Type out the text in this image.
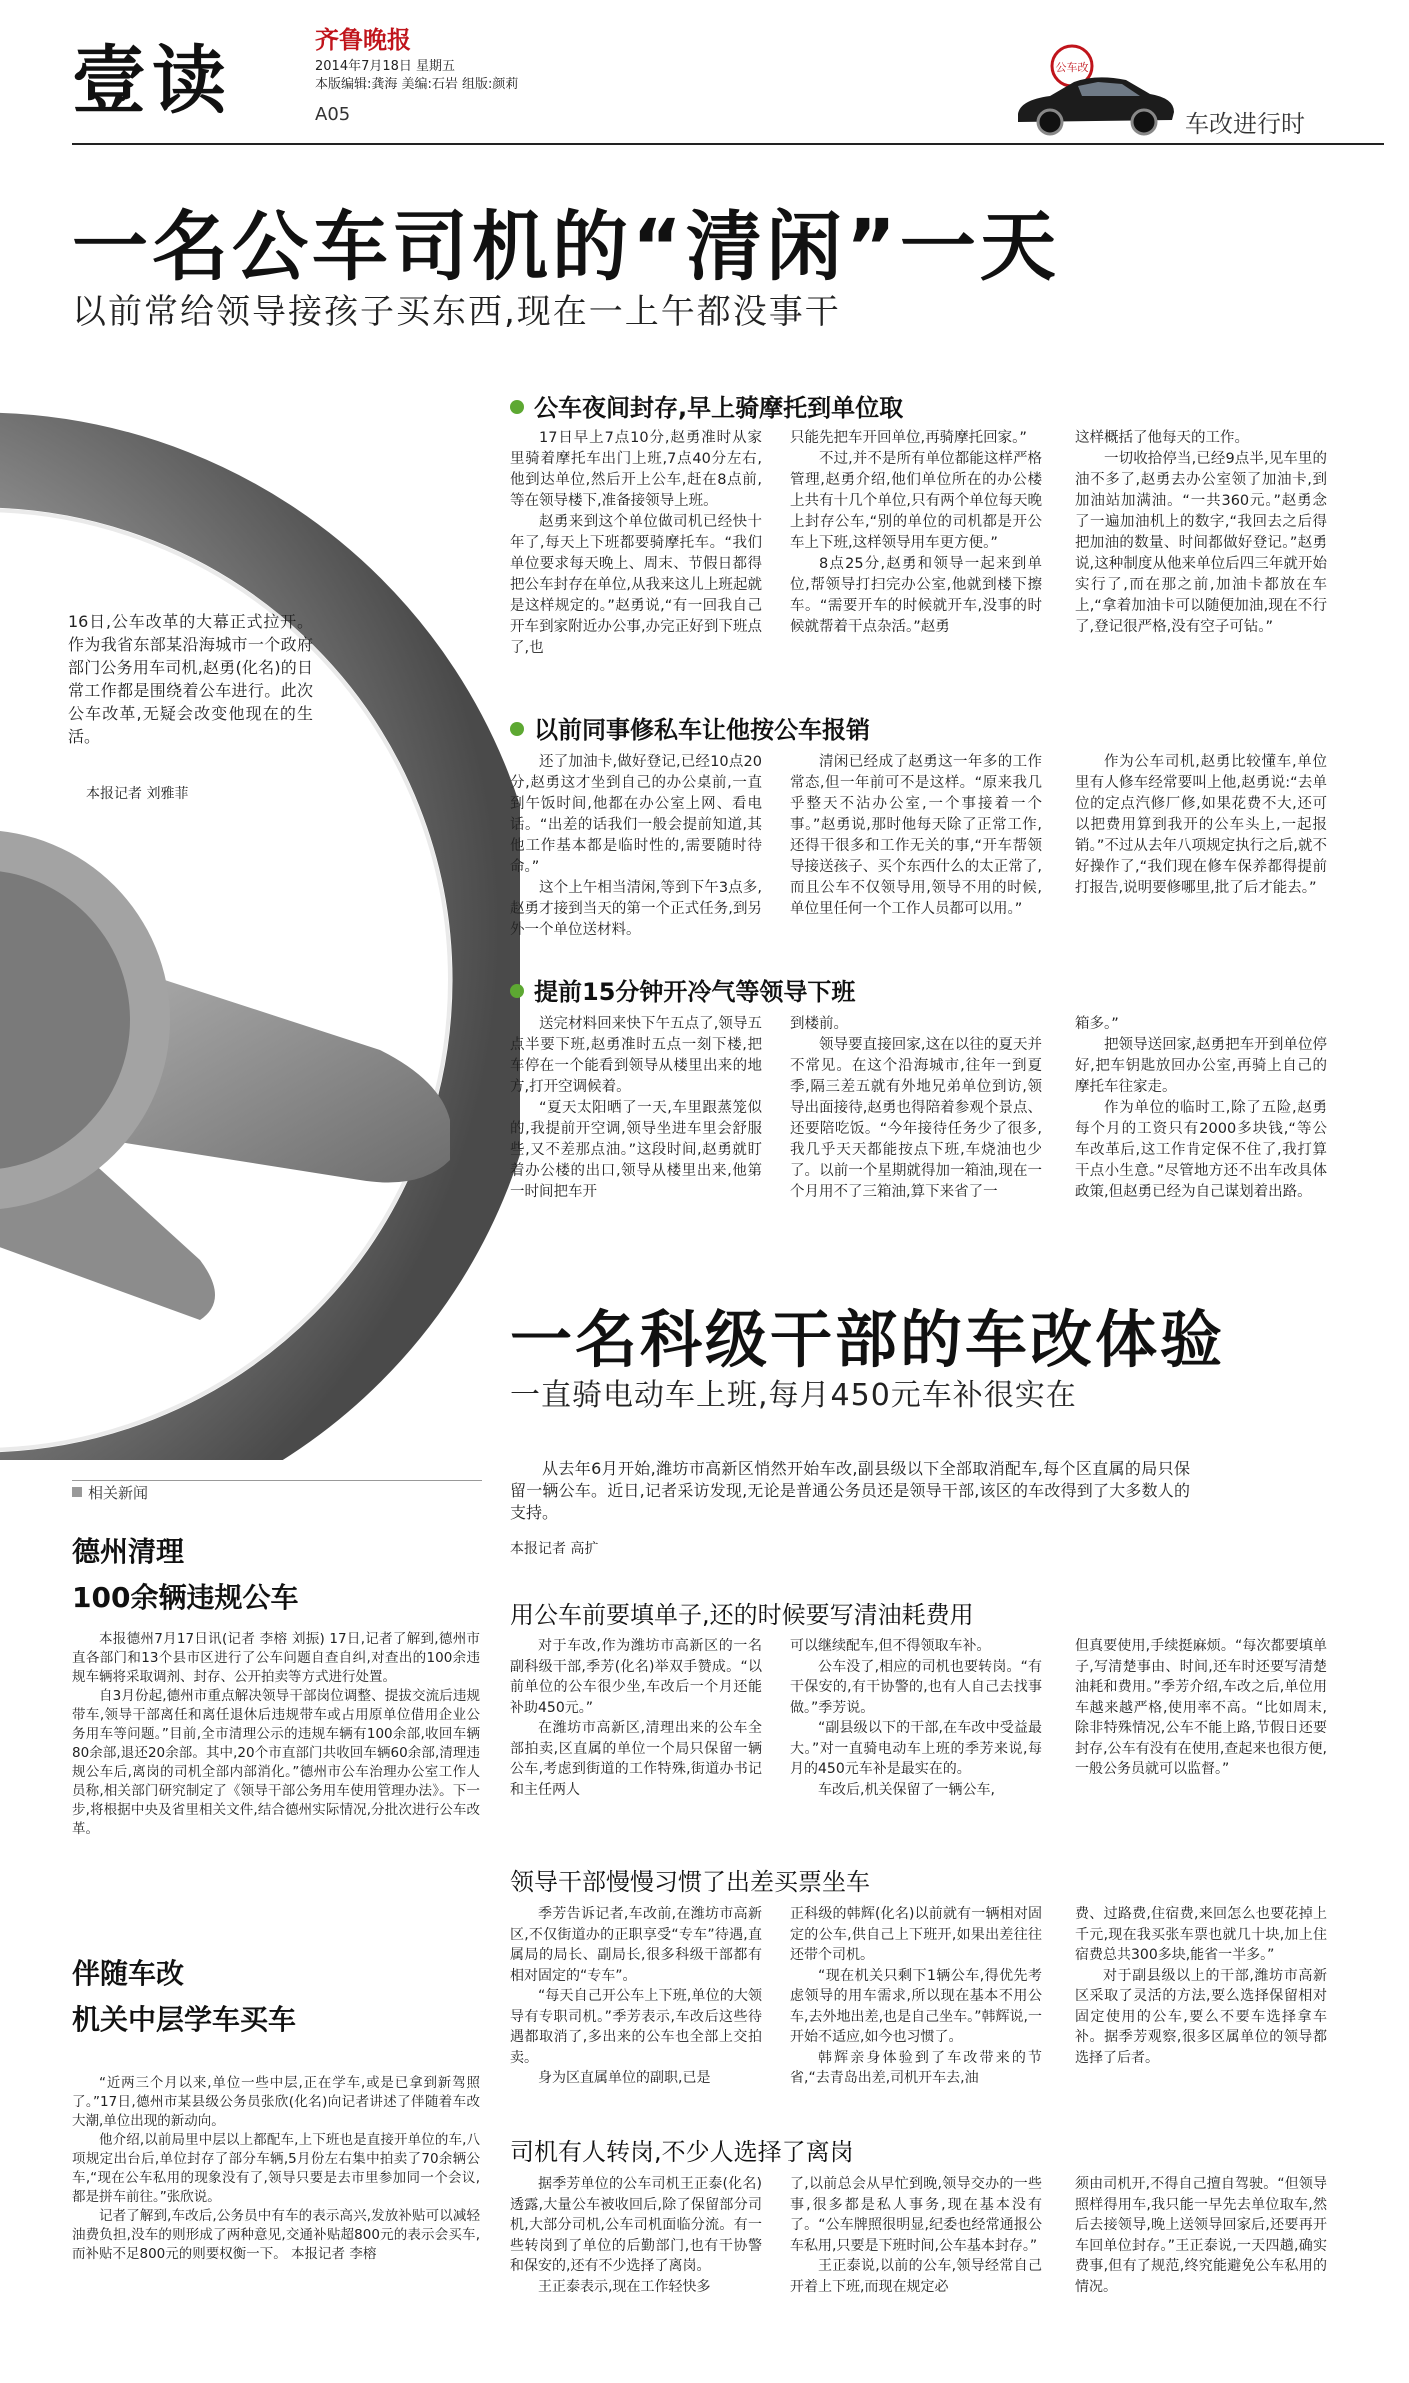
壹读	齐鲁晚报
2014年7月18日 星期五
本版编辑:龚海 美编:石岩 组版:颜莉
A05
公车改
车改进行时
一名公车司机的“清闲”一天
以前常给领导接孩子买东西,现在一上午都没事干
16日,公车改革的大幕正式拉开。作为我省东部某沿海城市一个政府部门公务用车司机,赵勇(化名)的日常工作都是围绕着公车进行。此次公车改革,无疑会改变他现在的生活。
本报记者 刘雅菲
公车夜间封存,早上骑摩托到单位取

17日早上7点10分,赵勇准时从家里骑着摩托车出门上班,7点40分左右,他到达单位,然后开上公车,赶在8点前,等在领导楼下,准备接领导上班。

赵勇来到这个单位做司机已经快十年了,每天上下班都要骑摩托车。“我们单位要求每天晚上、周末、节假日都得把公车封存在单位,从我来这儿上班起就是这样规定的。”赵勇说,“有一回我自己开车到家附近办公事,办完正好到下班点了,也

只能先把车开回单位,再骑摩托回家。”

不过,并不是所有单位都能这样严格管理,赵勇介绍,他们单位所在的办公楼上共有十几个单位,只有两个单位每天晚上封存公车,“别的单位的司机都是开公车上下班,这样领导用车更方便。”

8点25分,赵勇和领导一起来到单位,帮领导打扫完办公室,他就到楼下擦车。“需要开车的时候就开车,没事的时候就帮着干点杂活。”赵勇

这样概括了他每天的工作。

一切收拾停当,已经9点半,见车里的油不多了,赵勇去办公室领了加油卡,到加油站加满油。“一共360元。”赵勇念了一遍加油机上的数字,“我回去之后得把加油的数量、时间都做好登记。”赵勇说,这种制度从他来单位后四三年就开始实行了,而在那之前,加油卡都放在车上,“拿着加油卡可以随便加油,现在不行了,登记很严格,没有空子可钻。”

以前同事修私车让他按公车报销

还了加油卡,做好登记,已经10点20分,赵勇这才坐到自己的办公桌前,一直到午饭时间,他都在办公室上网、看电话。“出差的话我们一般会提前知道,其他工作基本都是临时性的,需要随时待命。”

这个上午相当清闲,等到下午3点多,赵勇才接到当天的第一个正式任务,到另外一个单位送材料。

清闲已经成了赵勇这一年多的工作常态,但一年前可不是这样。“原来我几乎整天不沾办公室,一个事接着一个事。”赵勇说,那时他每天除了正常工作,还得干很多和工作无关的事,“开车帮领导接送孩子、买个东西什么的太正常了,而且公车不仅领导用,领导不用的时候,单位里任何一个工作人员都可以用。”

作为公车司机,赵勇比较懂车,单位里有人修车经常要叫上他,赵勇说:“去单位的定点汽修厂修,如果花费不大,还可以把费用算到我开的公车头上,一起报销。”不过从去年八项规定执行之后,就不好操作了,“我们现在修车保养都得提前打报告,说明要修哪里,批了后才能去。”

提前15分钟开冷气等领导下班

送完材料回来快下午五点了,领导五点半要下班,赵勇准时五点一刻下楼,把车停在一个能看到领导从楼里出来的地方,打开空调候着。

“夏天太阳晒了一天,车里跟蒸笼似的,我提前开空调,领导坐进车里会舒服些,又不差那点油。”这段时间,赵勇就盯着办公楼的出口,领导从楼里出来,他第一时间把车开

到楼前。

领导要直接回家,这在以往的夏天并不常见。在这个沿海城市,往年一到夏季,隔三差五就有外地兄弟单位到访,领导出面接待,赵勇也得陪着参观个景点、还要陪吃饭。“今年接待任务少了很多,我几乎天天都能按点下班,车烧油也少了。以前一个星期就得加一箱油,现在一个月用不了三箱油,算下来省了一

箱多。”

把领导送回家,赵勇把车开到单位停好,把车钥匙放回办公室,再骑上自己的摩托车往家走。

作为单位的临时工,除了五险,赵勇每个月的工资只有2000多块钱,“等公车改革后,这工作肯定保不住了,我打算干点小生意。”尽管地方还不出车改具体政策,但赵勇已经为自己谋划着出路。

一名科级干部的车改体验
一直骑电动车上班,每月450元车补很实在

从去年6月开始,潍坊市高新区悄然开始车改,副县级以下全部取消配车,每个区直属的局只保留一辆公车。近日,记者采访发现,无论是普通公务员还是领导干部,该区的车改得到了大多数人的支持。

本报记者 高扩
用公车前要填单子,还的时候要写清油耗费用

对于车改,作为潍坊市高新区的一名副科级干部,季芳(化名)举双手赞成。“以前单位的公车很少坐,车改后一个月还能补助450元。”

在潍坊市高新区,清理出来的公车全部拍卖,区直属的单位一个局只保留一辆公车,考虑到街道的工作特殊,街道办书记和主任两人

可以继续配车,但不得领取车补。

公车没了,相应的司机也要转岗。“有干保安的,有干协警的,也有人自己去找事做。”季芳说。

“副县级以下的干部,在车改中受益最大。”对一直骑电动车上班的季芳来说,每月的450元车补是最实在的。

车改后,机关保留了一辆公车,

但真要使用,手续挺麻烦。“每次都要填单子,写清楚事由、时间,还车时还要写清楚油耗和费用。”季芳介绍,车改之后,单位用车越来越严格,使用率不高。“比如周末,除非特殊情况,公车不能上路,节假日还要封存,公车有没有在使用,查起来也很方便,一般公务员就可以监督。”

领导干部慢慢习惯了出差买票坐车

季芳告诉记者,车改前,在潍坊市高新区,不仅街道办的正职享受“专车”待遇,直属局的局长、副局长,很多科级干部都有相对固定的“专车”。

“每天自己开公车上下班,单位的大领导有专职司机。”季芳表示,车改后这些待遇都取消了,多出来的公车也全部上交拍卖。

身为区直属单位的副职,已是

正科级的韩辉(化名)以前就有一辆相对固定的公车,供自己上下班开,如果出差往往还带个司机。

“现在机关只剩下1辆公车,得优先考虑领导的用车需求,所以现在基本不用公车,去外地出差,也是自己坐车。”韩辉说,一开始不适应,如今也习惯了。

韩辉亲身体验到了车改带来的节省,“去青岛出差,司机开车去,油

费、过路费,住宿费,来回怎么也要花掉上千元,现在我买张车票也就几十块,加上住宿费总共300多块,能省一半多。”

对于副县级以上的干部,潍坊市高新区采取了灵活的方法,要么选择保留相对固定使用的公车,要么不要车选择拿车补。据季芳观察,很多区属单位的领导都选择了后者。

司机有人转岗,不少人选择了离岗

据季芳单位的公车司机王正泰(化名)透露,大量公车被收回后,除了保留部分司机,大部分司机,公车司机面临分流。有一些转岗到了单位的后勤部门,也有干协警和保安的,还有不少选择了离岗。

王正泰表示,现在工作轻快多

了,以前总会从早忙到晚,领导交办的一些事,很多都是私人事务,现在基本没有了。“公车牌照很明显,纪委也经常通报公车私用,只要是下班时间,公车基本封存。”

王正泰说,以前的公车,领导经常自己开着上下班,而现在规定必

须由司机开,不得自己擅自驾驶。“但领导照样得用车,我只能一早先去单位取车,然后去接领导,晚上送领导回家后,还要再开车回单位封存。”王正泰说,一天四趟,确实费事,但有了规范,终究能避免公车私用的情况。

相关新闻
德州清理
100余辆违规公车

本报德州7月17日讯(记者 李榕 刘振) 17日,记者了解到,德州市直各部门和13个县市区进行了公车问题自查自纠,对查出的100余违规车辆将采取调剂、封存、公开拍卖等方式进行处置。

自3月份起,德州市重点解决领导干部岗位调整、提拔交流后违规带车,领导干部离任和离任退休后违规带车或占用原单位借用企业公务用车等问题。”目前,全市清理公示的违规车辆有100余部,收回车辆80余部,退还20余部。其中,20个市直部门共收回车辆60余部,清理违规公车后,离岗的司机全部内部消化。”德州市公车治理办公室工作人员称,相关部门研究制定了《领导干部公务用车使用管理办法》。下一步,将根据中央及省里相关文件,结合德州实际情况,分批次进行公车改革。

伴随车改
机关中层学车买车

“近两三个月以来,单位一些中层,正在学车,或是已拿到新驾照了。”17日,德州市某县级公务员张欣(化名)向记者讲述了伴随着车改大潮,单位出现的新动向。

他介绍,以前局里中层以上都配车,上下班也是直接开单位的车,八项规定出台后,单位封存了部分车辆,5月份左右集中拍卖了70余辆公车,“现在公车私用的现象没有了,领导只要是去市里参加同一个会议,都是拼车前往。”张欣说。

记者了解到,车改后,公务员中有车的表示高兴,发放补贴可以减轻油费负担,没车的则形成了两种意见,交通补贴超800元的表示会买车,而补贴不足800元的则要权衡一下。 本报记者 李榕
